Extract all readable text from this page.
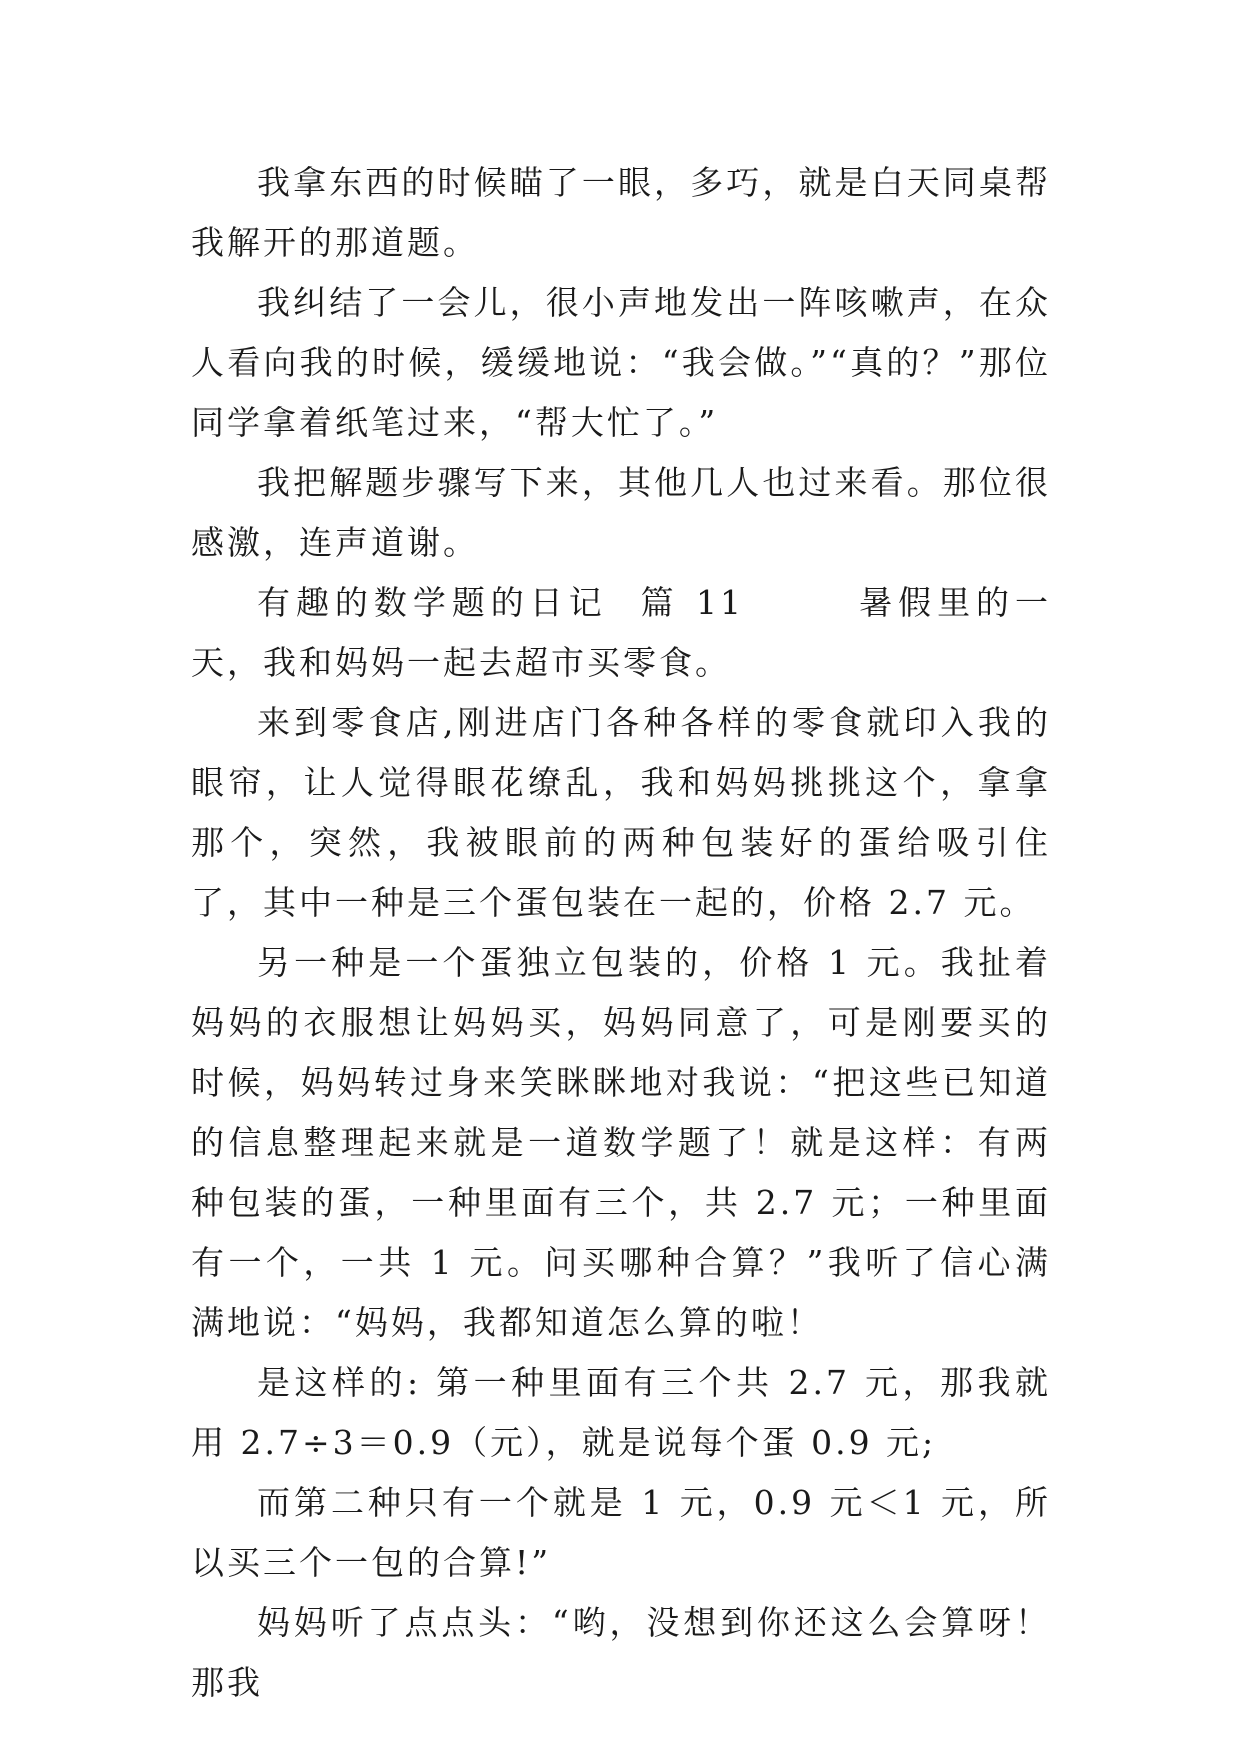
我拿东西的时候瞄了一眼，多巧，就是白天同桌帮我解开的那道题。

我纠结了一会儿，很小声地发出一阵咳嗽声，在众人看向我的时候，缓缓地说：“我会做。”“真的？”那位同学拿着纸笔过来，“帮大忙了。”

我把解题步骤写下来，其他几人也过来看。那位很感激，连声道谢。

有趣的数学题的日记  篇 11       暑假里的一天，我和妈妈一起去超市买零食。

来到零食店,刚进店门各种各样的零食就印入我的眼帘，让人觉得眼花缭乱，我和妈妈挑挑这个，拿拿那个，突然，我被眼前的两种包装好的蛋给吸引住了，其中一种是三个蛋包装在一起的，价格 2.7 元。

另一种是一个蛋独立包装的，价格 1 元。我扯着妈妈的衣服想让妈妈买，妈妈同意了，可是刚要买的时候，妈妈转过身来笑眯眯地对我说：“把这些已知道的信息整理起来就是一道数学题了！就是这样：有两种包装的蛋，一种里面有三个，共 2.7 元；一种里面有一个，一共 1 元。问买哪种合算？”我听了信心满满地说：“妈妈，我都知道怎么算的啦！

是这样的: 第一种里面有三个共 2.7 元，那我就用 2.7÷3＝0.9（元），就是说每个蛋 0.9 元;

而第二种只有一个就是 1 元，0.9 元＜1 元，所以买三个一包的合算!”

妈妈听了点点头：“哟，没想到你还这么会算呀！那我
